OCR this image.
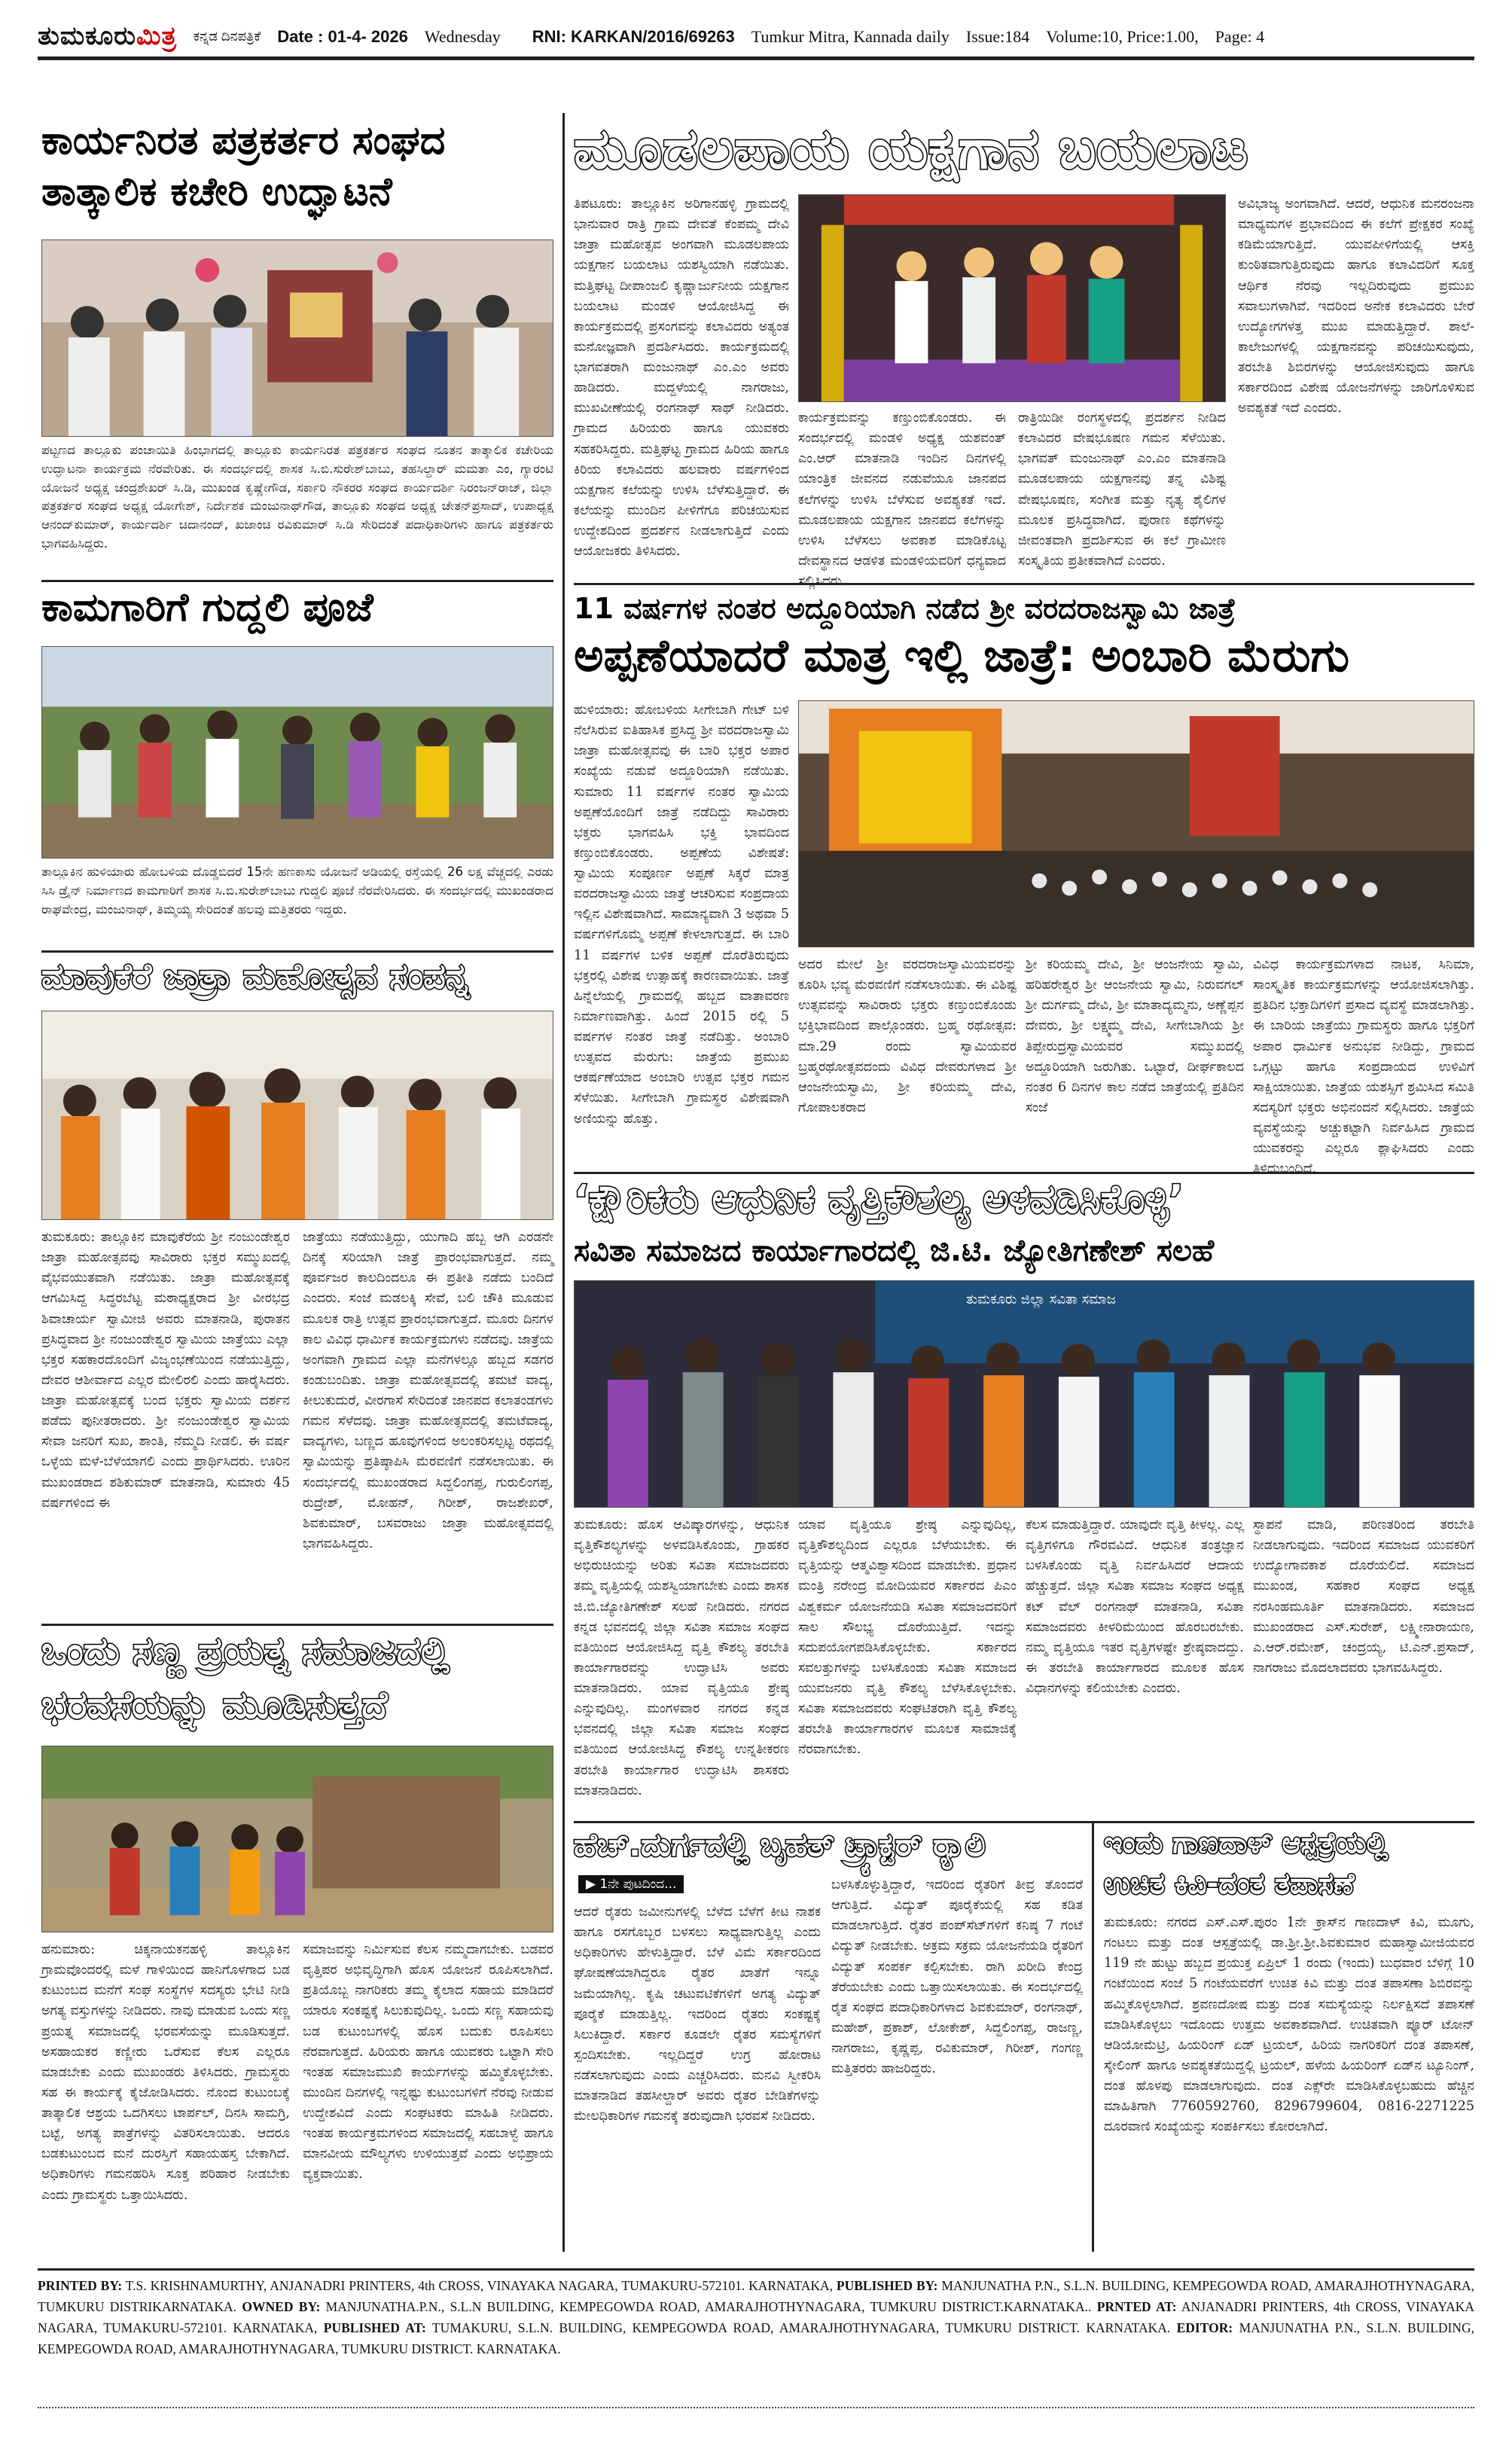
ತುಮಕೂರುಮಿತ್ರ ಕನ್ನಡ ದಿನಪತ್ರಿಕೆ Date : 01-4- 2026 Wednesday RNI: KARKAN/2016/69263 Tumkur Mitra, Kannada daily Issue:184 Volume:10, Price:1.00, Page: 4
ಕಾರ್ಯನಿರತ ಪತ್ರಕರ್ತರ ಸಂಘದ
ತಾತ್ಕಾಲಿಕ ಕಚೇರಿ ಉದ್ಘಾಟನೆ
ಪಟ್ಟಣದ ತಾಲ್ಲೂಕು ಪಂಚಾಯಿತಿ ಹಿಂಭಾಗದಲ್ಲಿ ತಾಲ್ಲೂಕು ಕಾರ್ಯನಿರತ ಪತ್ರಕರ್ತರ ಸಂಘದ ನೂತನ ತಾತ್ಕಾಲಿಕ ಕಚೇರಿಯ ಉದ್ಘಾಟನಾ ಕಾರ್ಯಕ್ರಮ ನೆರವೇರಿತು. ಈ ಸಂದರ್ಭದಲ್ಲಿ ಶಾಸಕ ಸಿ.ಬಿ.ಸುರೇಶ್‌ಬಾಬು, ತಹಸಿಲ್ದಾರ್ ಮಮತಾ ಎಂ, ಗ್ಯಾರಂಟಿ ಯೋಜನೆ ಅಧ್ಯಕ್ಷ ಚಂದ್ರಶೇಖರ್ ಸಿ.ಡಿ, ಮುಖಂಡ ಕೃಷ್ಣೇಗೌಡ, ಸರ್ಕಾರಿ ನೌಕರರ ಸಂಘದ ಕಾರ್ಯದರ್ಶಿ ನಿರಂಜನ್‌ರಾಜ್, ಜಿಲ್ಲಾ ಪತ್ರಕರ್ತರ ಸಂಘದ ಅಧ್ಯಕ್ಷ ಯೋಗೇಶ್, ನಿರ್ದೇಶಕ ಮಂಜುನಾಥ್‌ಗೌಡ, ತಾಲ್ಲೂಕು ಸಂಘದ ಅಧ್ಯಕ್ಷ ಚೇತನ್‌ಪ್ರಸಾದ್, ಉಪಾಧ್ಯಕ್ಷ ಆನಂದ್‌ಕುಮಾರ್, ಕಾರ್ಯದರ್ಶಿ ಚಿದಾನಂದ್, ಖಜಾಂಚಿ ರವಿಕುಮಾರ್ ಸಿ.ಡಿ ಸೇರಿದಂತೆ ಪದಾಧಿಕಾರಿಗಳು ಹಾಗೂ ಪತ್ರಕರ್ತರು ಭಾಗವಹಿಸಿದ್ದರು.
ಕಾಮಗಾರಿಗೆ ಗುದ್ದಲಿ ಪೂಜೆ
ತಾಲ್ಲೂಕಿನ ಹುಳಿಯಾರು ಹೋಬಳಿಯ ದೊಡ್ಡಬಿದರೆ 15ನೇ ಹಣಕಾಸು ಯೋಜನೆ ಅಡಿಯಲ್ಲಿ ರಸ್ತೆಯಲ್ಲಿ 26 ಲಕ್ಷ ವೆಚ್ಚದಲ್ಲಿ ಎರಡು ಸಿಸಿ ಡ್ರೈನ್ ನಿರ್ಮಾಣದ ಕಾಮಗಾರಿಗೆ ಶಾಸಕ ಸಿ.ಬಿ.ಸುರೇಶ್‌ಬಾಬು ಗುದ್ದಲಿ ಪೂಜೆ ನೆರವೇರಿಸಿದರು. ಈ ಸಂದರ್ಭದಲ್ಲಿ ಮುಖಂಡರಾದ ರಾಘವೇಂದ್ರ, ಮಂಜುನಾಥ್, ತಿಮ್ಮಯ್ಯ ಸೇರಿದಂತೆ ಹಲವು ಮತ್ತಿತರರು ಇದ್ದರು.
ಮಾವುಕೆರೆ ಜಾತ್ರಾ ಮಹೋತ್ಸವ ಸಂಪನ್ನ
ತುಮಕೂರು: ತಾಲ್ಲೂಕಿನ ಮಾವುಕೆರೆಯ ಶ್ರೀ ನಂಜುಂಡೇಶ್ವರ ಜಾತ್ರಾ ಮಹೋತ್ಸವವು ಸಾವಿರಾರು ಭಕ್ತರ ಸಮ್ಮುಖದಲ್ಲಿ ವೈಭವಯುತವಾಗಿ ನಡೆಯಿತು. ಜಾತ್ರಾ ಮಹೋತ್ಸವಕ್ಕೆ ಆಗಮಿಸಿದ್ದ ಸಿದ್ಧರಬೆಟ್ಟ ಮಠಾಧ್ಯಕ್ಷರಾದ ಶ್ರೀ ವೀರಭದ್ರ ಶಿವಾಚಾರ್ಯ ಸ್ವಾಮೀಜಿ ಅವರು ಮಾತನಾಡಿ, ಪುರಾತನ ಪ್ರಸಿದ್ಧವಾದ ಶ್ರೀ ನಂಜುಂಡೇಶ್ವರ ಸ್ವಾಮಿಯ ಜಾತ್ರೆಯು ಎಲ್ಲಾ ಭಕ್ತರ ಸಹಕಾರದೊಂದಿಗೆ ವಿಜೃಂಭಣೆಯಿಂದ ನಡೆಯುತ್ತಿದ್ದು, ದೇವರ ಆಶೀರ್ವಾದ ಎಲ್ಲರ ಮೇಲಿರಲಿ ಎಂದು ಹಾರೈಸಿದರು. ಜಾತ್ರಾ ಮಹೋತ್ಸವಕ್ಕೆ ಬಂದ ಭಕ್ತರು ಸ್ವಾಮಿಯ ದರ್ಶನ ಪಡೆದು ಪುನೀತರಾದರು. ಶ್ರೀ ನಂಜುಂಡೇಶ್ವರ ಸ್ವಾಮಿಯ ಸೇವಾ ಜನರಿಗೆ ಸುಖ, ಶಾಂತಿ, ನೆಮ್ಮದಿ ನೀಡಲಿ. ಈ ವರ್ಷ ಒಳ್ಳೆಯ ಮಳೆ-ಬೆಳೆಯಾಗಲಿ ಎಂದು ಪ್ರಾರ್ಥಿಸಿದರು. ಊರಿನ ಮುಖಂಡರಾದ ಶಶಿಕುಮಾರ್ ಮಾತನಾಡಿ, ಸುಮಾರು 45 ವರ್ಷಗಳಿಂದ ಈ
ಜಾತ್ರೆಯು ನಡೆಯುತ್ತಿದ್ದು, ಯುಗಾದಿ ಹಬ್ಬ ಆಗಿ ಎರಡನೇ ದಿನಕ್ಕೆ ಸರಿಯಾಗಿ ಜಾತ್ರೆ ಪ್ರಾರಂಭವಾಗುತ್ತದೆ. ನಮ್ಮ ಪೂರ್ವಜರ ಕಾಲದಿಂದಲೂ ಈ ಪ್ರತೀತಿ ನಡೆದು ಬಂದಿದೆ ಎಂದರು. ಸಂಜೆ ಮಡಲಕ್ಕಿ ಸೇವೆ, ಬಲಿ ಚೌಕಿ ಮೂಡುವ ಮೂಲಕ ರಾತ್ರಿ ಉತ್ಸವ ಪ್ರಾರಂಭವಾಗುತ್ತದೆ. ಮೂರು ದಿನಗಳ ಕಾಲ ವಿವಿಧ ಧಾರ್ಮಿಕ ಕಾರ್ಯಕ್ರಮಗಳು ನಡೆದವು. ಜಾತ್ರೆಯ ಅಂಗವಾಗಿ ಗ್ರಾಮದ ಎಲ್ಲಾ ಮನೆಗಳಲ್ಲೂ ಹಬ್ಬದ ಸಡಗರ ಕಂಡುಬಂದಿತು. ಜಾತ್ರಾ ಮಹೋತ್ಸವದಲ್ಲಿ ತಮಟೆ ವಾದ್ಯ, ಕೀಲುಕುದುರೆ, ವೀರಗಾಸೆ ಸೇರಿದಂತೆ ಜಾನಪದ ಕಲಾತಂಡಗಳು ಗಮನ ಸೆಳೆದವು. ಜಾತ್ರಾ ಮಹೋತ್ಸವದಲ್ಲಿ ತಮಟೆವಾದ್ಯ, ವಾದ್ಯಗಳು, ಬಣ್ಣದ ಹೂವುಗಳಿಂದ ಅಲಂಕರಿಸಲ್ಪಟ್ಟ ರಥದಲ್ಲಿ ಸ್ವಾಮಿಯನ್ನು ಪ್ರತಿಷ್ಠಾಪಿಸಿ ಮೆರವಣಿಗೆ ನಡೆಸಲಾಯಿತು. ಈ ಸಂದರ್ಭದಲ್ಲಿ ಮುಖಂಡರಾದ ಸಿದ್ದಲಿಂಗಪ್ಪ, ಗುರುಲಿಂಗಪ್ಪ, ರುದ್ರೇಶ್, ಮೋಹನ್, ಗಿರೀಶ್, ರಾಜಶೇಖರ್, ಶಿವಕುಮಾರ್, ಬಸವರಾಜು ಜಾತ್ರಾ ಮಹೋತ್ಸವದಲ್ಲಿ ಭಾಗವಹಿಸಿದ್ದರು.
ಒಂದು ಸಣ್ಣ ಪ್ರಯತ್ನ ಸಮಾಜದಲ್ಲಿ
ಭರವಸೆಯನ್ನು ಮೂಡಿಸುತ್ತದೆ
ಹನುಮಾರು: ಚಿಕ್ಕನಾಯಕನಹಳ್ಳಿ ತಾಲ್ಲೂಕಿನ ಗ್ರಾಮವೊಂದರಲ್ಲಿ ಮಳೆ ಗಾಳಿಯಿಂದ ಹಾನಿಗೊಳಗಾದ ಬಡ ಕುಟುಂಬದ ಮನೆಗೆ ಸಂಘ ಸಂಸ್ಥೆಗಳ ಸದಸ್ಯರು ಭೇಟಿ ನೀಡಿ ಅಗತ್ಯ ವಸ್ತುಗಳನ್ನು ನೀಡಿದರು. ನಾವು ಮಾಡುವ ಒಂದು ಸಣ್ಣ ಪ್ರಯತ್ನ ಸಮಾಜದಲ್ಲಿ ಭರವಸೆಯನ್ನು ಮೂಡಿಸುತ್ತದೆ. ಅಸಹಾಯಕರ ಕಣ್ಣೀರು ಒರೆಸುವ ಕೆಲಸ ಎಲ್ಲರೂ ಮಾಡಬೇಕು ಎಂದು ಮುಖಂಡರು ತಿಳಿಸಿದರು. ಗ್ರಾಮಸ್ಥರು ಸಹ ಈ ಕಾರ್ಯಕ್ಕೆ ಕೈಜೋಡಿಸಿದರು. ನೊಂದ ಕುಟುಂಬಕ್ಕೆ ತಾತ್ಕಾಲಿಕ ಆಶ್ರಯ ಒದಗಿಸಲು ಟಾರ್ಪಲ್, ದಿನಸಿ ಸಾಮಗ್ರಿ, ಬಟ್ಟೆ, ಅಗತ್ಯ ಪಾತ್ರೆಗಳನ್ನು ವಿತರಿಸಲಾಯಿತು. ಆದರೂ ಬಡಕುಟುಂಬದ ಮನೆ ದುರಸ್ತಿಗೆ ಸಹಾಯಹಸ್ತ ಬೇಕಾಗಿದೆ. ಅಧಿಕಾರಿಗಳು ಗಮನಹರಿಸಿ ಸೂಕ್ತ ಪರಿಹಾರ ನೀಡಬೇಕು ಎಂದು ಗ್ರಾಮಸ್ಥರು ಒತ್ತಾಯಿಸಿದರು.
ಸಮಾಜವನ್ನು ನಿರ್ಮಿಸುವ ಕೆಲಸ ನಮ್ಮದಾಗಬೇಕು. ಬಡವರ ವೃತ್ತಿಪರ ಅಭಿವೃದ್ಧಿಗಾಗಿ ಹೊಸ ಯೋಜನೆ ರೂಪಿಸಲಾಗಿದೆ. ಪ್ರತಿಯೊಬ್ಬ ನಾಗರಿಕರು ತಮ್ಮ ಕೈಲಾದ ಸಹಾಯ ಮಾಡಿದರೆ ಯಾರೂ ಸಂಕಷ್ಟಕ್ಕೆ ಸಿಲುಕುವುದಿಲ್ಲ. ಒಂದು ಸಣ್ಣ ಸಹಾಯವು ಬಡ ಕುಟುಂಬಗಳಲ್ಲಿ ಹೊಸ ಬದುಕು ರೂಪಿಸಲು ನೆರವಾಗುತ್ತದೆ. ಹಿರಿಯರು ಹಾಗೂ ಯುವಕರು ಒಟ್ಟಾಗಿ ಸೇರಿ ಇಂತಹ ಸಮಾಜಮುಖಿ ಕಾರ್ಯಗಳನ್ನು ಹಮ್ಮಿಕೊಳ್ಳಬೇಕು. ಮುಂದಿನ ದಿನಗಳಲ್ಲಿ ಇನ್ನಷ್ಟು ಕುಟುಂಬಗಳಿಗೆ ನೆರವು ನೀಡುವ ಉದ್ದೇಶವಿದೆ ಎಂದು ಸಂಘಟಕರು ಮಾಹಿತಿ ನೀಡಿದರು. ಇಂತಹ ಕಾರ್ಯಕ್ರಮಗಳಿಂದ ಸಮಾಜದಲ್ಲಿ ಸಹಬಾಳ್ವೆ ಹಾಗೂ ಮಾನವೀಯ ಮೌಲ್ಯಗಳು ಉಳಿಯುತ್ತವೆ ಎಂದು ಅಭಿಪ್ರಾಯ ವ್ಯಕ್ತವಾಯಿತು.
ಮೂಡಲಪಾಯ ಯಕ್ಷಗಾನ ಬಯಲಾಟ
ತಿಪಟೂರು: ತಾಲ್ಲೂಕಿನ ಅರಿಗಾನಹಳ್ಳಿ ಗ್ರಾಮದಲ್ಲಿ ಭಾನುವಾರ ರಾತ್ರಿ ಗ್ರಾಮ ದೇವತೆ ಕೆಂಪಮ್ಮ ದೇವಿ ಜಾತ್ರಾ ಮಹೋತ್ಸವ ಅಂಗವಾಗಿ ಮೂಡಲಪಾಯ ಯಕ್ಷಗಾನ ಬಯಲಾಟ ಯಶಸ್ವಿಯಾಗಿ ನಡೆಯಿತು. ಮತ್ತಿಘಟ್ಟ ದೀಪಾಂಜಲಿ ಕೃಷ್ಣಾರ್ಜುನೀಯ ಯಕ್ಷಗಾನ ಬಯಲಾಟ ಮಂಡಳಿ ಆಯೋಜಿಸಿದ್ದ ಈ ಕಾರ್ಯಕ್ರಮದಲ್ಲಿ ಪ್ರಸಂಗವನ್ನು ಕಲಾವಿದರು ಅತ್ಯಂತ ಮನೋಜ್ಞವಾಗಿ ಪ್ರದರ್ಶಿಸಿದರು. ಕಾರ್ಯಕ್ರಮದಲ್ಲಿ ಭಾಗವತರಾಗಿ ಮಂಜುನಾಥ್ ಎಂ.ಎಂ ಅವರು ಹಾಡಿದರು. ಮದ್ದಳೆಯಲ್ಲಿ ನಾಗರಾಜು, ಮುಖವೀಣೆಯಲ್ಲಿ ರಂಗನಾಥ್ ಸಾಥ್ ನೀಡಿದರು. ಗ್ರಾಮದ ಹಿರಿಯರು ಹಾಗೂ ಯುವಕರು ಸಹಕರಿಸಿದ್ದರು. ಮತ್ತಿಘಟ್ಟ ಗ್ರಾಮದ ಹಿರಿಯ ಹಾಗೂ ಕಿರಿಯ ಕಲಾವಿದರು ಹಲವಾರು ವರ್ಷಗಳಿಂದ ಯಕ್ಷಗಾನ ಕಲೆಯನ್ನು ಉಳಿಸಿ ಬೆಳೆಸುತ್ತಿದ್ದಾರೆ. ಈ ಕಲೆಯನ್ನು ಮುಂದಿನ ಪೀಳಿಗೆಗೂ ಪರಿಚಯಿಸುವ ಉದ್ದೇಶದಿಂದ ಪ್ರದರ್ಶನ ನೀಡಲಾಗುತ್ತಿದೆ ಎಂದು ಆಯೋಜಕರು ತಿಳಿಸಿದರು.
ಕಾರ್ಯಕ್ರಮವನ್ನು ಕಣ್ತುಂಬಿಕೊಂಡರು. ಈ ಸಂದರ್ಭದಲ್ಲಿ ಮಂಡಳಿ ಅಧ್ಯಕ್ಷ ಯಶವಂತ್ ಎಂ.ಆರ್ ಮಾತನಾಡಿ ಇಂದಿನ ದಿನಗಳಲ್ಲಿ ಯಾಂತ್ರಿಕ ಜೀವನದ ನಡುವೆಯೂ ಜಾನಪದ ಕಲೆಗಳನ್ನು ಉಳಿಸಿ ಬೆಳೆಸುವ ಅವಶ್ಯಕತೆ ಇದೆ. ಮೂಡಲಪಾಯ ಯಕ್ಷಗಾನ ಜಾನಪದ ಕಲೆಗಳನ್ನು ಉಳಿಸಿ ಬೆಳೆಸಲು ಅವಕಾಶ ಮಾಡಿಕೊಟ್ಟ ದೇವಸ್ಥಾನದ ಆಡಳಿತ ಮಂಡಳಿಯವರಿಗೆ ಧನ್ಯವಾದ ಸಲ್ಲಿಸಿದರು.
ರಾತ್ರಿಯಿಡೀ ರಂಗಸ್ಥಳದಲ್ಲಿ ಪ್ರದರ್ಶನ ನೀಡಿದ ಕಲಾವಿದರ ವೇಷಭೂಷಣ ಗಮನ ಸೆಳೆಯಿತು. ಭಾಗವತ್ ಮಂಜುನಾಥ್ ಎಂ.ಎಂ ಮಾತನಾಡಿ ಮೂಡಲಪಾಯ ಯಕ್ಷಗಾನವು ತನ್ನ ವಿಶಿಷ್ಟ ವೇಷಭೂಷಣ, ಸಂಗೀತ ಮತ್ತು ನೃತ್ಯ ಶೈಲಿಗಳ ಮೂಲಕ ಪ್ರಸಿದ್ಧವಾಗಿದೆ. ಪುರಾಣ ಕಥೆಗಳನ್ನು ಜೀವಂತವಾಗಿ ಪ್ರದರ್ಶಿಸುವ ಈ ಕಲೆ ಗ್ರಾಮೀಣ ಸಂಸ್ಕೃತಿಯ ಪ್ರತೀಕವಾಗಿದೆ ಎಂದರು.
ಅವಿಭಾಜ್ಯ ಅಂಗವಾಗಿದೆ. ಆದರೆ, ಆಧುನಿಕ ಮನರಂಜನಾ ಮಾಧ್ಯಮಗಳ ಪ್ರಭಾವದಿಂದ ಈ ಕಲೆಗೆ ಪ್ರೇಕ್ಷಕರ ಸಂಖ್ಯೆ ಕಡಿಮೆಯಾಗುತ್ತಿದೆ. ಯುವಪೀಳಿಗೆಯಲ್ಲಿ ಆಸಕ್ತಿ ಕುಂಠಿತವಾಗುತ್ತಿರುವುದು ಹಾಗೂ ಕಲಾವಿದರಿಗೆ ಸೂಕ್ತ ಆರ್ಥಿಕ ನೆರವು ಇಲ್ಲದಿರುವುದು ಪ್ರಮುಖ ಸವಾಲುಗಳಾಗಿವೆ. ಇದರಿಂದ ಅನೇಕ ಕಲಾವಿದರು ಬೇರೆ ಉದ್ಯೋಗಗಳತ್ತ ಮುಖ ಮಾಡುತ್ತಿದ್ದಾರೆ. ಶಾಲೆ-ಕಾಲೇಜುಗಳಲ್ಲಿ ಯಕ್ಷಗಾನವನ್ನು ಪರಿಚಯಿಸುವುದು, ತರಬೇತಿ ಶಿಬಿರಗಳನ್ನು ಆಯೋಜಿಸುವುದು ಹಾಗೂ ಸರ್ಕಾರದಿಂದ ವಿಶೇಷ ಯೋಜನೆಗಳನ್ನು ಜಾರಿಗೊಳಿಸುವ ಅವಶ್ಯಕತೆ ಇದೆ ಎಂದರು.
11 ವರ್ಷಗಳ ನಂತರ ಅದ್ದೂರಿಯಾಗಿ ನಡೆದ ಶ್ರೀ ವರದರಾಜಸ್ವಾಮಿ ಜಾತ್ರೆ
ಅಪ್ಪಣೆಯಾದರೆ ಮಾತ್ರ ಇಲ್ಲಿ ಜಾತ್ರೆ: ಅಂಬಾರಿ ಮೆರುಗು
ಹುಳಿಯಾರು: ಹೋಬಳಿಯ ಸೀಗೇಬಾಗಿ ಗೇಟ್ ಬಳಿ ನೆಲೆಸಿರುವ ಐತಿಹಾಸಿಕ ಪ್ರಸಿದ್ಧ ಶ್ರೀ ವರದರಾಜಸ್ವಾಮಿ ಜಾತ್ರಾ ಮಹೋತ್ಸವವು ಈ ಬಾರಿ ಭಕ್ತರ ಅಪಾರ ಸಂಖ್ಯೆಯ ನಡುವೆ ಅದ್ದೂರಿಯಾಗಿ ನಡೆಯಿತು. ಸುಮಾರು 11 ವರ್ಷಗಳ ನಂತರ ಸ್ವಾಮಿಯ ಅಪ್ಪಣೆಯೊಂದಿಗೆ ಜಾತ್ರೆ ನಡೆದಿದ್ದು ಸಾವಿರಾರು ಭಕ್ತರು ಭಾಗವಹಿಸಿ ಭಕ್ತಿ ಭಾವದಿಂದ ಕಣ್ತುಂಬಿಕೊಂಡರು. ಅಪ್ಪಣೆಯ ವಿಶೇಷತೆ: ಸ್ವಾಮಿಯ ಸಂಪೂರ್ಣ ಅಪ್ಪಣೆ ಸಿಕ್ಕರೆ ಮಾತ್ರ ವರದರಾಜಸ್ವಾಮಿಯ ಜಾತ್ರೆ ಆಚರಿಸುವ ಸಂಪ್ರದಾಯ ಇಲ್ಲಿನ ವಿಶೇಷವಾಗಿದೆ. ಸಾಮಾನ್ಯವಾಗಿ 3 ಅಥವಾ 5 ವರ್ಷಗಳಿಗೊಮ್ಮೆ ಅಪ್ಪಣೆ ಕೇಳಲಾಗುತ್ತದೆ. ಈ ಬಾರಿ 11 ವರ್ಷಗಳ ಬಳಿಕ ಅಪ್ಪಣೆ ದೊರೆತಿರುವುದು ಭಕ್ತರಲ್ಲಿ ವಿಶೇಷ ಉತ್ಸಾಹಕ್ಕೆ ಕಾರಣವಾಯಿತು. ಜಾತ್ರೆ ಹಿನ್ನೆಲೆಯಲ್ಲಿ ಗ್ರಾಮದಲ್ಲಿ ಹಬ್ಬದ ವಾತಾವರಣ ನಿರ್ಮಾಣವಾಗಿತ್ತು. ಹಿಂದೆ 2015 ರಲ್ಲಿ 5 ವರ್ಷಗಳ ನಂತರ ಜಾತ್ರೆ ನಡೆದಿತ್ತು. ಅಂಬಾರಿ ಉತ್ಸವದ ಮೆರುಗು: ಜಾತ್ರೆಯ ಪ್ರಮುಖ ಆಕರ್ಷಣೆಯಾದ ಅಂಬಾರಿ ಉತ್ಸವ ಭಕ್ತರ ಗಮನ ಸೆಳೆಯಿತು. ಸೀಗೇಬಾಗಿ ಗ್ರಾಮಸ್ಥರ ವಿಶೇಷವಾಗಿ ಅಣಿಯನ್ನು ಹೊತ್ತು.
ಅದರ ಮೇಲೆ ಶ್ರೀ ವರದರಾಜಸ್ವಾಮಿಯವರನ್ನು ಕೂರಿಸಿ ಭವ್ಯ ಮೆರವಣಿಗೆ ನಡೆಸಲಾಯಿತು. ಈ ವಿಶಿಷ್ಟ ಉತ್ಸವವನ್ನು ಸಾವಿರಾರು ಭಕ್ತರು ಕಣ್ತುಂಬಿಕೊಂಡು ಭಕ್ತಿಭಾವದಿಂದ ಪಾಲ್ಗೊಂಡರು. ಬ್ರಹ್ಮ ರಥೋತ್ಸವ: ಮಾ.29 ರಂದು ಸ್ವಾಮಿಯವರ ಬ್ರಹ್ಮರಥೋತ್ಸವದಂದು ವಿವಿಧ ದೇವರುಗಳಾದ ಶ್ರೀ ಆಂಜನೇಯಸ್ವಾಮಿ, ಶ್ರೀ ಕರಿಯಮ್ಮ ದೇವಿ, ಗೋಪಾಲಕರಾದ
ಶ್ರೀ ಕರಿಯಮ್ಮ ದೇವಿ, ಶ್ರೀ ಆಂಜನೇಯ ಸ್ವಾಮಿ, ಹರಿಹರೇಶ್ವರ ಶ್ರೀ ಆಂಜನೇಯ ಸ್ವಾಮಿ, ನಿರುವಗಲ್ ಶ್ರೀ ದುರ್ಗಮ್ಮ ದೇವಿ, ಶ್ರೀ ಮಾತಾದ್ಯಮ್ಮನು, ಅಣ್ಣೆಪ್ಪನ ದೇವರು, ಶ್ರೀ ಲಕ್ಷ್ಮಮ್ಮ ದೇವಿ, ಸೀಗೇಬಾಗಿಯ ಶ್ರೀ ತಿಪ್ಪೇರುದ್ರಸ್ವಾಮಿಯವರ ಸಮ್ಮುಖದಲ್ಲಿ ಅದ್ದೂರಿಯಾಗಿ ಜರುಗಿತು. ಒಟ್ಟಾರೆ, ದೀರ್ಘಕಾಲದ ನಂತರ 6 ದಿನಗಳ ಕಾಲ ನಡೆದ ಜಾತ್ರೆಯಲ್ಲಿ ಪ್ರತಿದಿನ ಸಂಜೆ
ವಿವಿಧ ಕಾರ್ಯಕ್ರಮಗಳಾದ ನಾಟಕ, ಸಿನಿಮಾ, ಸಾಂಸ್ಕೃತಿಕ ಕಾರ್ಯಕ್ರಮಗಳನ್ನು ಆಯೋಜಿಸಲಾಗಿತ್ತು. ಪ್ರತಿದಿನ ಭಕ್ತಾದಿಗಳಿಗೆ ಪ್ರಸಾದ ವ್ಯವಸ್ಥೆ ಮಾಡಲಾಗಿತ್ತು. ಈ ಬಾರಿಯ ಜಾತ್ರೆಯು ಗ್ರಾಮಸ್ಥರು ಹಾಗೂ ಭಕ್ತರಿಗೆ ಅಪಾರ ಧಾರ್ಮಿಕ ಅನುಭವ ನೀಡಿದ್ದು, ಗ್ರಾಮದ ಒಗ್ಗಟ್ಟು ಹಾಗೂ ಸಂಪ್ರದಾಯದ ಉಳಿವಿಗೆ ಸಾಕ್ಷಿಯಾಯಿತು. ಜಾತ್ರೆಯ ಯಶಸ್ಸಿಗೆ ಶ್ರಮಿಸಿದ ಸಮಿತಿ ಸದಸ್ಯರಿಗೆ ಭಕ್ತರು ಅಭಿನಂದನೆ ಸಲ್ಲಿಸಿದರು. ಜಾತ್ರೆಯ ವ್ಯವಸ್ಥೆಯನ್ನು ಅಚ್ಚುಕಟ್ಟಾಗಿ ನಿರ್ವಹಿಸಿದ ಗ್ರಾಮದ ಯುವಕರನ್ನು ಎಲ್ಲರೂ ಶ್ಲಾಘಿಸಿದರು ಎಂದು ತಿಳಿದುಬಂದಿದೆ.
‘ಕ್ಷೌರಿಕರು ಆಧುನಿಕ ವೃತ್ತಿಕೌಶಲ್ಯ ಅಳವಡಿಸಿಕೊಳ್ಳಿ’
ಸವಿತಾ ಸಮಾಜದ ಕಾರ್ಯಾಗಾರದಲ್ಲಿ ಜಿ.ಟಿ. ಜ್ಯೋತಿಗಣೇಶ್ ಸಲಹೆ
ತುಮಕೂರು ಜಿಲ್ಲಾ ಸವಿತಾ ಸಮಾಜ
ತುಮಕೂರು: ಹೊಸ ಆವಿಷ್ಕಾರಗಳನ್ನು, ಆಧುನಿಕ ವೃತ್ತಿಕೌಶಲ್ಯಗಳನ್ನು ಅಳವಡಿಸಿಕೊಂಡು, ಗ್ರಾಹಕರ ಅಭಿರುಚಿಯನ್ನು ಅರಿತು ಸವಿತಾ ಸಮಾಜದವರು ತಮ್ಮ ವೃತ್ತಿಯಲ್ಲಿ ಯಶಸ್ವಿಯಾಗಬೇಕು ಎಂದು ಶಾಸಕ ಜಿ.ಬಿ.ಜ್ಯೋತಿಗಣೇಶ್ ಸಲಹೆ ನೀಡಿದರು. ನಗರದ ಕನ್ನಡ ಭವನದಲ್ಲಿ ಜಿಲ್ಲಾ ಸವಿತಾ ಸಮಾಜ ಸಂಘದ ವತಿಯಿಂದ ಆಯೋಜಿಸಿದ್ದ ವೃತ್ತಿ ಕೌಶಲ್ಯ ತರಬೇತಿ ಕಾರ್ಯಾಗಾರವನ್ನು ಉದ್ಘಾಟಿಸಿ ಅವರು ಮಾತನಾಡಿದರು. ಯಾವ ವೃತ್ತಿಯೂ ಶ್ರೇಷ್ಠ ಎನ್ನುವುದಿಲ್ಲ. ಮಂಗಳವಾರ ನಗರದ ಕನ್ನಡ ಭವನದಲ್ಲಿ ಜಿಲ್ಲಾ ಸವಿತಾ ಸಮಾಜ ಸಂಘದ ವತಿಯಿಂದ ಆಯೋಜಿಸಿದ್ದ ಕೌಶಲ್ಯ ಉನ್ನತೀಕರಣ ತರಬೇತಿ ಕಾರ್ಯಾಗಾರ ಉದ್ಘಾಟಿಸಿ ಶಾಸಕರು ಮಾತನಾಡಿದರು.
ಯಾವ ವೃತ್ತಿಯೂ ಶ್ರೇಷ್ಠ ಎನ್ನುವುದಿಲ್ಲ, ವೃತ್ತಿಕೌಶಲ್ಯದಿಂದ ಎಲ್ಲರೂ ಬೆಳೆಯಬೇಕು. ಈ ವೃತ್ತಿಯನ್ನು ಆತ್ಮವಿಶ್ವಾಸದಿಂದ ಮಾಡಬೇಕು. ಪ್ರಧಾನ ಮಂತ್ರಿ ನರೇಂದ್ರ ಮೋದಿಯವರ ಸರ್ಕಾರದ ಪಿಎಂ ವಿಶ್ವಕರ್ಮ ಯೋಜನೆಯಡಿ ಸವಿತಾ ಸಮಾಜದವರಿಗೆ ಸಾಲ ಸೌಲಭ್ಯ ದೊರೆಯುತ್ತಿದೆ. ಇದನ್ನು ಸದುಪಯೋಗಪಡಿಸಿಕೊಳ್ಳಬೇಕು. ಸರ್ಕಾರದ ಸವಲತ್ತುಗಳನ್ನು ಬಳಸಿಕೊಂಡು ಸವಿತಾ ಸಮಾಜದ ಯುವಜನರು ವೃತ್ತಿ ಕೌಶಲ್ಯ ಬೆಳೆಸಿಕೊಳ್ಳಬೇಕು. ಸವಿತಾ ಸಮಾಜದವರು ಸಂಘಟಿತರಾಗಿ ವೃತ್ತಿ ಕೌಶಲ್ಯ ತರಬೇತಿ ಕಾರ್ಯಾಗಾರಗಳ ಮೂಲಕ ಸಾಮಾಜಿಕ್ಕೆ ನೆರವಾಗಬೇಕು.
ಕೆಲಸ ಮಾಡುತ್ತಿದ್ದಾರೆ. ಯಾವುದೇ ವೃತ್ತಿ ಕೀಳಲ್ಲ. ಎಲ್ಲ ವೃತ್ತಿಗಳಿಗೂ ಗೌರವವಿದೆ. ಆಧುನಿಕ ತಂತ್ರಜ್ಞಾನ ಬಳಸಿಕೊಂಡು ವೃತ್ತಿ ನಿರ್ವಹಿಸಿದರೆ ಆದಾಯ ಹೆಚ್ಚುತ್ತದೆ. ಜಿಲ್ಲಾ ಸವಿತಾ ಸಮಾಜ ಸಂಘದ ಅಧ್ಯಕ್ಷ ಕಟ್ ವೆಲ್ ರಂಗನಾಥ್ ಮಾತನಾಡಿ, ಸವಿತಾ ಸಮಾಜದವರು ಕೀಳರಿಮೆಯಿಂದ ಹೊರಬರಬೇಕು. ನಮ್ಮ ವೃತ್ತಿಯೂ ಇತರ ವೃತ್ತಿಗಳಷ್ಟೇ ಶ್ರೇಷ್ಠವಾದದ್ದು. ಈ ತರಬೇತಿ ಕಾರ್ಯಾಗಾರದ ಮೂಲಕ ಹೊಸ ವಿಧಾನಗಳನ್ನು ಕಲಿಯಬೇಕು ಎಂದರು.
ಸ್ಥಾಪನೆ ಮಾಡಿ, ಪರಿಣತರಿಂದ ತರಬೇತಿ ನೀಡಲಾಗುವುದು. ಇದರಿಂದ ಸಮಾಜದ ಯುವಕರಿಗೆ ಉದ್ಯೋಗಾವಕಾಶ ದೊರೆಯಲಿದೆ. ಸಮಾಜದ ಮುಖಂಡ, ಸಹಕಾರ ಸಂಘದ ಅಧ್ಯಕ್ಷ ನರಸಿಂಹಮೂರ್ತಿ ಮಾತನಾಡಿದರು. ಸಮಾಜದ ಮುಖಂಡರಾದ ಎಸ್.ಸುರೇಶ್, ಲಕ್ಷ್ಮೀನಾರಾಯಣ, ಎ.ಆರ್.ರಮೇಶ್, ಚಂದ್ರಯ್ಯ, ಟಿ.ಎನ್.ಪ್ರಸಾದ್, ನಾಗರಾಜು ಮೊದಲಾದವರು ಭಾಗವಹಿಸಿದ್ದರು.
ಹೆಚ್.ದುರ್ಗದಲ್ಲಿ ಬೃಹತ್ ಟ್ರ್ಯಾಕ್ಟರ್ ರ್‍ಯಾಲಿ
▶ 1ನೇ ಪುಟದಿಂದ...
ಆದರೆ ರೈತರು ಜಮೀನುಗಳಲ್ಲಿ ಬೆಳೆದ ಬೆಳೆಗೆ ಕೀಟ ನಾಶಕ ಹಾಗೂ ರಸಗೊಬ್ಬರ ಬಳಸಲು ಸಾಧ್ಯವಾಗುತ್ತಿಲ್ಲ ಎಂದು ಅಧಿಕಾರಿಗಳು ಹೇಳುತ್ತಿದ್ದಾರೆ. ಬೆಳೆ ವಿಮೆ ಸರ್ಕಾರದಿಂದ ಘೋಷಣೆಯಾಗಿದ್ದರೂ ರೈತರ ಖಾತೆಗೆ ಇನ್ನೂ ಜಮೆಯಾಗಿಲ್ಲ. ಕೃಷಿ ಚಟುವಟಿಕೆಗಳಿಗೆ ಅಗತ್ಯ ವಿದ್ಯುತ್ ಪೂರೈಕೆ ಮಾಡುತ್ತಿಲ್ಲ. ಇದರಿಂದ ರೈತರು ಸಂಕಷ್ಟಕ್ಕೆ ಸಿಲುಕಿದ್ದಾರೆ. ಸರ್ಕಾರ ಕೂಡಲೇ ರೈತರ ಸಮಸ್ಯೆಗಳಿಗೆ ಸ್ಪಂದಿಸಬೇಕು. ಇಲ್ಲದಿದ್ದರೆ ಉಗ್ರ ಹೋರಾಟ ನಡೆಸಲಾಗುವುದು ಎಂದು ಎಚ್ಚರಿಸಿದರು. ಮನವಿ ಸ್ವೀಕರಿಸಿ ಮಾತನಾಡಿದ ತಹಸೀಲ್ದಾರ್ ಅವರು ರೈತರ ಬೇಡಿಕೆಗಳನ್ನು ಮೇಲಧಿಕಾರಿಗಳ ಗಮನಕ್ಕೆ ತರುವುದಾಗಿ ಭರವಸೆ ನೀಡಿದರು.
ಬಳಸಿಕೊಳ್ಳುತ್ತಿದ್ದಾರೆ, ಇದರಿಂದ ರೈತರಿಗೆ ತೀವ್ರ ತೊಂದರೆ ಆಗುತ್ತಿದೆ. ವಿದ್ಯುತ್ ಪೂರೈಕೆಯಲ್ಲಿ ಸಹ ಕಡಿತ ಮಾಡಲಾಗುತ್ತಿದೆ. ರೈತರ ಪಂಪ್‌ಸೆಟ್‌ಗಳಿಗೆ ಕನಿಷ್ಠ 7 ಗಂಟೆ ವಿದ್ಯುತ್ ನೀಡಬೇಕು. ಅಕ್ರಮ ಸಕ್ರಮ ಯೋಜನೆಯಡಿ ರೈತರಿಗೆ ವಿದ್ಯುತ್ ಸಂಪರ್ಕ ಕಲ್ಪಿಸಬೇಕು. ರಾಗಿ ಖರೀದಿ ಕೇಂದ್ರ ತೆರೆಯಬೇಕು ಎಂದು ಒತ್ತಾಯಿಸಲಾಯಿತು. ಈ ಸಂದರ್ಭದಲ್ಲಿ ರೈತ ಸಂಘದ ಪದಾಧಿಕಾರಿಗಳಾದ ಶಿವಕುಮಾರ್, ರಂಗನಾಥ್, ಮಹೇಶ್, ಪ್ರಕಾಶ್, ಲೋಕೇಶ್, ಸಿದ್ದಲಿಂಗಪ್ಪ, ರಾಜಣ್ಣ, ನಾಗರಾಜು, ಕೃಷ್ಣಪ್ಪ, ರವಿಕುಮಾರ್, ಗಿರೀಶ್, ಗಂಗಣ್ಣ ಮತ್ತಿತರರು ಹಾಜರಿದ್ದರು.
ಇಂದು ಗಾಣದಾಳ್ ಆಸ್ಪತ್ರೆಯಲ್ಲಿ
ಉಚಿತ ಕಿವಿ-ದಂತ ತಪಾಸಣೆ
ತುಮಕೂರು: ನಗರದ ಎಸ್.ಎಸ್.ಪುರಂ 1ನೇ ಕ್ರಾಸ್‌ನ ಗಾಣದಾಳ್ ಕಿವಿ, ಮೂಗು, ಗಂಟಲು ಮತ್ತು ದಂತ ಆಸ್ಪತ್ರೆಯಲ್ಲಿ ಡಾ.ಶ್ರೀ.ಶ್ರೀ.ಶಿವಕುಮಾರ ಮಹಾಸ್ವಾಮೀಜಿಯವರ 119 ನೇ ಹುಟ್ಟು ಹಬ್ಬದ ಪ್ರಯುಕ್ತ ಏಪ್ರಿಲ್ 1 ರಂದು (ಇಂದು) ಬುಧವಾರ ಬೆಳಿಗ್ಗೆ 10 ಗಂಟೆಯಿಂದ ಸಂಜೆ 5 ಗಂಟೆಯವರೆಗೆ ಉಚಿತ ಕಿವಿ ಮತ್ತು ದಂತ ತಪಾಸಣಾ ಶಿಬಿರವನ್ನು ಹಮ್ಮಿಕೊಳ್ಳಲಾಗಿದೆ. ಶ್ರವಣದೋಷ ಮತ್ತು ದಂತ ಸಮಸ್ಯೆಯನ್ನು ನಿರ್ಲಕ್ಷಿಸದೆ ತಪಾಸಣೆ ಮಾಡಿಸಿಕೊಳ್ಳಲು ಇದೊಂದು ಉತ್ತಮ ಅವಕಾಶವಾಗಿದೆ. ಉಚಿತವಾಗಿ ಪ್ಯೂರ್ ಟೋನ್ ಆಡಿಯೋಮೆಟ್ರಿ, ಹಿಯರಿಂಗ್ ಏಡ್ ಟ್ರಯಲ್, ಹಿರಿಯ ನಾಗರಿಕರಿಗೆ ದಂತ ತಪಾಸಣೆ, ಸ್ಕೇಲಿಂಗ್ ಹಾಗೂ ಅವಶ್ಯಕತೆಯಿದ್ದಲ್ಲಿ ಟ್ರಯಲ್, ಹಳೆಯ ಹಿಯರಿಂಗ್ ಏಡ್‌ನ ಟ್ಯೂನಿಂಗ್, ದಂತ ಹೊಳಪು ಮಾಡಲಾಗುವುದು. ದಂತ ಎಕ್ಸ್‌ರೇ ಮಾಡಿಸಿಕೊಳ್ಳಬಹುದು ಹೆಚ್ಚಿನ ಮಾಹಿತಿಗಾಗಿ 7760592760, 8296799604, 0816-2271225 ದೂರವಾಣಿ ಸಂಖ್ಯೆಯನ್ನು ಸಂಪರ್ಕಿಸಲು ಕೋರಲಾಗಿದೆ.
PRINTED BY: T.S. KRISHNAMURTHY, ANJANADRI PRINTERS, 4th CROSS, VINAYAKA NAGARA, TUMAKURU-572101. KARNATAKA, PUBLISHED BY: MANJUNATHA P.N., S.L.N. BUILDING, KEMPEGOWDA ROAD, AMARAJHOTHYNAGARA, TUMKURU DISTRIKARNATAKA. OWNED BY: MANJUNATHA.P.N., S.L.N BUILDING, KEMPEGOWDA ROAD, AMARAJHOTHYNAGARA, TUMKURU DISTRICT.KARNATAKA.. PRNTED AT: ANJANADRI PRINTERS, 4th CROSS, VINAYAKA NAGARA, TUMAKURU-572101. KARNATAKA, PUBLISHED AT: TUMAKURU, S.L.N. BUILDING, KEMPEGOWDA ROAD, AMARAJHOTHYNAGARA, TUMKURU DISTRICT. KARNATAKA. EDITOR: MANJUNATHA P.N., S.L.N. BUILDING, KEMPEGOWDA ROAD, AMARAJHOTHYNAGARA, TUMKURU DISTRICT. KARNATAKA.
